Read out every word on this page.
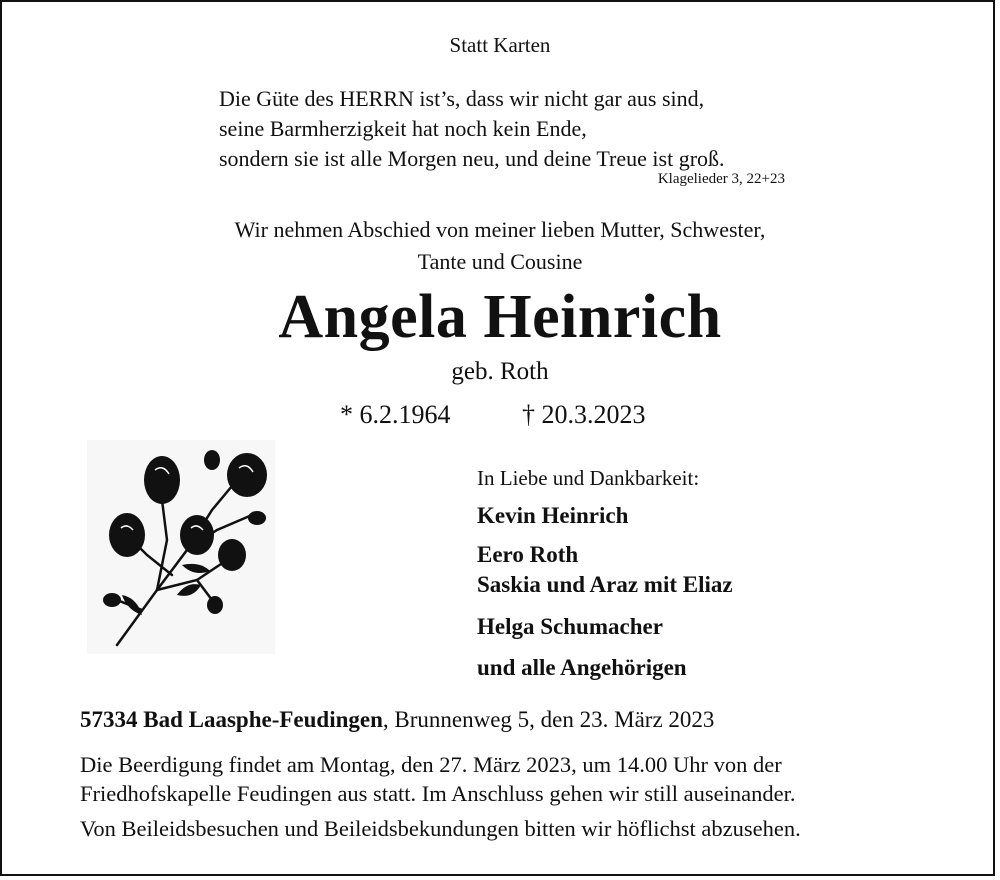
Statt Karten
Die Güte des HERRN ist’s, dass wir nicht gar aus sind,
seine Barmherzigkeit hat noch kein Ende,
sondern sie ist alle Morgen neu, und deine Treue ist groß.
Klagelieder 3, 22+23
Wir nehmen Abschied von meiner lieben Mutter, Schwester,
Tante und Cousine
Angela Heinrich
geb. Roth
* 6.2.1964	† 20.3.2023
In Liebe und Dankbarkeit:
Kevin Heinrich
Eero Roth
Saskia und Araz mit Eliaz
Helga Schumacher
und alle Angehörigen
57334 Bad Laasphe-Feudingen, Brunnenweg 5, den 23. März 2023
Die Beerdigung findet am Montag, den 27. März 2023, um 14.00 Uhr von der
Friedhofskapelle Feudingen aus statt. Im Anschluss gehen wir still auseinander.
Von Beileidsbesuchen und Beileidsbekundungen bitten wir höflichst abzusehen.
